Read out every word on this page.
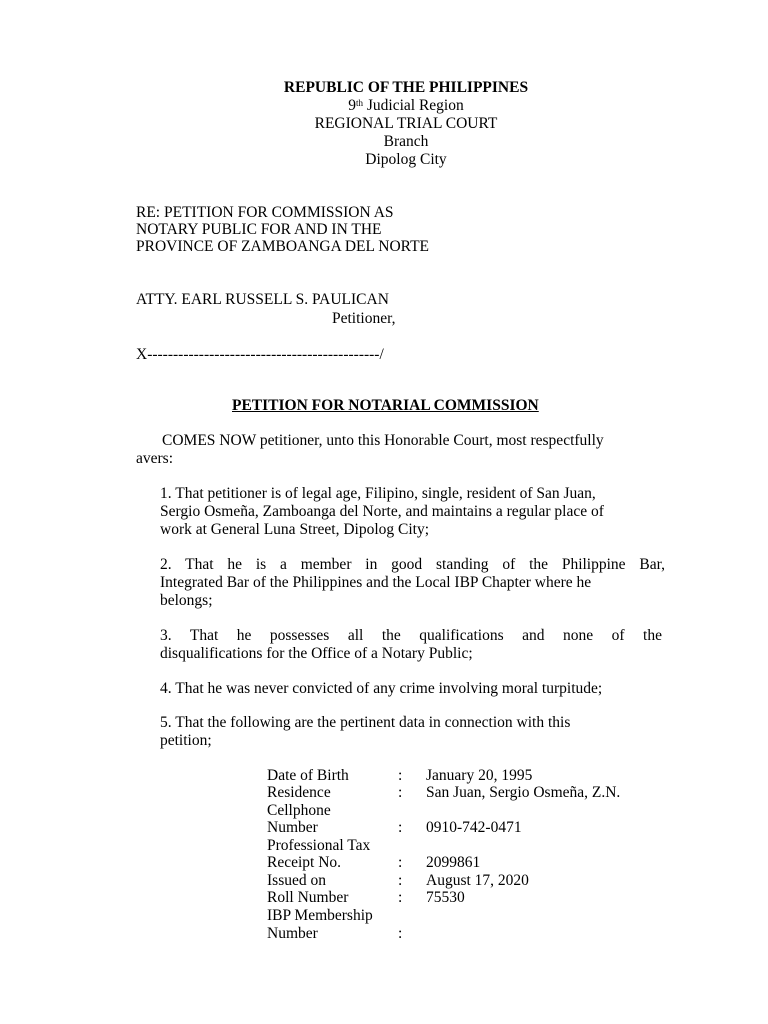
REPUBLIC OF THE PHILIPPINES
9th Judicial Region
REGIONAL TRIAL COURT
Branch
Dipolog City
RE: PETITION FOR COMMISSION AS
NOTARY PUBLIC FOR AND IN THE
PROVINCE OF ZAMBOANGA DEL NORTE
ATTY. EARL RUSSELL S. PAULICAN
Petitioner,
X---------------------------------------------/
PETITION FOR NOTARIAL COMMISSION
COMES NOW petitioner, unto this Honorable Court, most respectfully
avers:
1. That petitioner is of legal age, Filipino, single, resident of San Juan,
Sergio Osmeña, Zamboanga del Norte, and maintains a regular place of
work at General Luna Street, Dipolog City;
2. That he is a member in good standing of the Philippine Bar,
Integrated Bar of the Philippines and the Local IBP Chapter where he
belongs;
3. That he possesses all the qualifications and none of the
disqualifications for the Office of a Notary Public;
4. That he was never convicted of any crime involving moral turpitude;
5. That the following are the pertinent data in connection with this
petition;
Date of Birth	: January 20, 1995
Residence	: San Juan, Sergio Osmeña, Z.N.
Cellphone
Number	: 0910-742-0471
Professional Tax
Receipt No.	: 2099861
Issued on	: August 17, 2020
Roll Number	: 75530
IBP Membership
Number	:
